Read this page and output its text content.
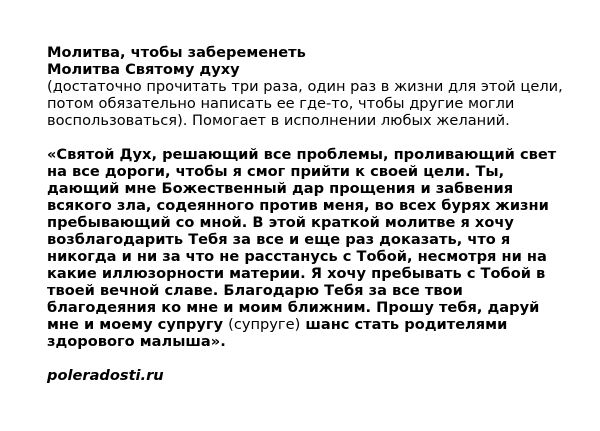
Молитва, чтобы забеременеть
Молитва Святому духу

(достаточно прочитать три раза, один раз в жизни для этой цели, потом обязательно написать ее где-то, чтобы другие могли воспользоваться). Помогает в исполнении любых желаний.

«Святой Дух, решающий все проблемы, проливающий свет на все дороги, чтобы я смог прийти к своей цели. Ты, дающий мне Божественный дар прощения и забвения всякого зла, содеянного против меня, во всех бурях жизни пребывающий со мной. В этой краткой молитве я хочу возблагодарить Тебя за все и еще раз доказать, что я никогда и ни за что не расстанусь с Тобой, несмотря ни на какие иллюзорности материи. Я хочу пребывать с Тобой в твоей вечной славе. Благодарю Тебя за все твои благодеяния ко мне и моим ближним. Прошу тебя, даруй мне и моему супругу (супруге) шанс стать родителями здорового малыша».

poleradosti.ru
